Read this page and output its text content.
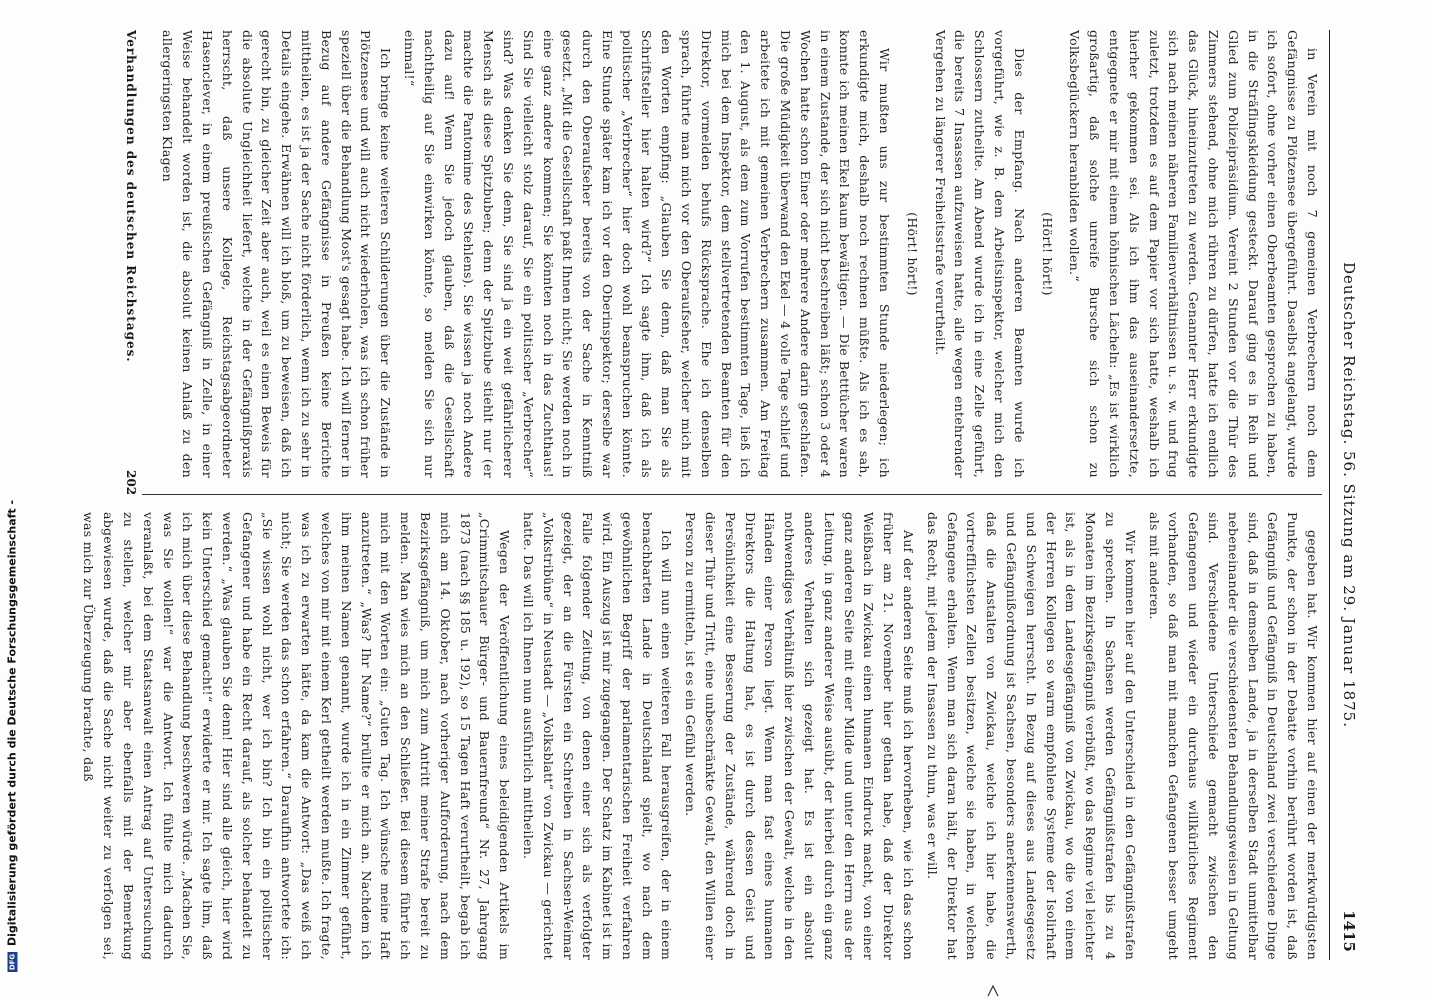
DFG
Digitalisierung gefördert durch die Deutsche Forschungsgemeinschaft -	Deutscher Reichstag. 56. Sitzung am 29. Januar 1875.
1415

in Verein mit noch 7 gemeinen Verbrechern noch dem Gefängnisse zu Plötzensee übergeführt. Daselbst angelangt, wurde ich sofort, ohne vorher einen Oberbeamten gesprochen zu haben, in die Sträflingskleidung gesteckt. Darauf ging es in Reih und Glied zum Polizeipräsidium. Vereint 2 Stunden vor die Thür des Zimmers stehend, ohne mich rühren zu dürfen, hatte ich endlich das Glück, hineinzutreten zu werden. Genannter Herr erkundigte sich nach meinen näheren Familienverhältnissen u. s. w. und frug zuletzt, trotzdem es auf dem Papier vor sich hatte, weshalb ich hierher gekommen sei. Als ich ihm das auseinandersetzte, entgegnete er mir mit einem höhnischen Lächeln: „Es ist wirklich großartig, daß solche unreife Bursche sich schon zu Volksbeglückern heranbilden wollen.“

(Hört! hört!)

Dies der Empfang. Nach anderen Beamten wurde ich vorgeführt, wie z. B. dem Arbeitsinspektor, welcher mich den Schlossern zutheilte. Am Abend wurde ich in eine Zelle geführt, die bereits 7 Insassen aufzuweisen hatte, alle wegen entehrender Vergehen zu längerer Freiheitsstrafe verurtheilt.

(Hört! hört!)

Wir mußten uns zur bestimmten Stunde niederlegen; ich erkundigte mich, deshalb noch rechnen müßte. Als ich es sah, konnte ich meinen Ekel kaum bewältigen. — Die Betttücher waren in einem Zustande, der sich nicht beschreiben läßt; schon 3 oder 4 Wochen hatte schon Einer oder mehrere Andere darin geschlafen. Die große Müdigkeit überwand den Ekel — 4 volle Tage schlief und arbeitete ich mit gemeinen Verbrechern zusammen. Am Freitag den 1. August, als dem zum Vorrufen bestimmten Tage, ließ ich mich bei dem Inspektor, dem stellvertretenden Beamten für den Direktor, vormelden behufs Rücksprache. Ehe ich denselben sprach, führte man mich vor den Oberaufseher, welcher mich mit den Worten empfing: „Glauben Sie denn, daß man Sie als Schriftsteller hier halten wird?“ Ich sagte ihm, daß ich als politischer „Verbrecher“ hier doch wohl beanspruchen könnte. Eine Stunde später kam ich vor den Oberinspektor; derselbe war durch den Oberaufseher bereits von der Sache in Kenntniß gesetzt. „Mit die Gesellschaft paßt Ihnen nicht; Sie werden noch in eine ganz andere kommen; Sie könnten noch in das Zuchthaus! Sind Sie vielleicht stolz darauf, Sie ein politischer „Verbrecher“ sind? Was denken Sie denn, Sie sind ja ein weit gefährlicherer Mensch als diese Spitzbuben; denn der Spitzbube stiehlt nur (er machte die Pantomime des Stehlens). Sie wissen ja noch Andere dazu auf! Wenn Sie jedoch glauben, daß die Gesellschaft nachtheilig auf Sie einwirken könnte, so melden Sie sich nur einmal!“

Ich bringe keine weiteren Schilderungen über die Zustände in Plötzensee und will auch nicht wiederholen, was ich schon früher speziell über die Behandlung Most's gesagt habe. Ich will ferner in Bezug auf andere Gefängnisse in Preußen keine Berichte mittheilen, es ist ja der Sache nicht förderlich, wenn ich zu sehr in Details eingehe. Erwähnen will ich bloß, um zu beweisen, daß ich gerecht bin, zu gleicher Zeit aber auch, weil es einen Beweis für die absolute Ungleichheit liefert, welche in der Gefängnißpraxis herrscht, daß unsere Kollege, Reichstagsabgeordneter Hasenclever, in einem preußischen Gefängniß in Zelle, in einer Weise behandelt worden ist, die absolut keinen Anlaß zu den allergeringsten Klagen

gegeben hat. Wir kommen hier auf einen der merkwürdigsten Punkte, der schon in der Debatte vorhin berührt worden ist, daß Gefängniß und Gefängniß in Deutschland zwei verschiedene Dinge sind, daß in demselben Lande, ja in derselben Stadt unmittelbar nebeneinander die verschiedensten Behandlungsweisen in Geltung sind. Verschiedene Unterschiede gemacht zwischen den Gefangenen und wieder ein durchaus willkürliches Regiment vorhanden, so daß man mit manchen Gefangenen besser umgeht als mit anderen.

Wir kommen hier auf den Unterschied in den Gefängnißstrafen zu sprechen. In Sachsen werden Gefängnißstrafen bis zu 4 Monaten im Bezirksgefängniß verbüßt, wo das Regime viel leichter ist, als in dem Landesgefängniß von Zwickau, wo die von einem der Herren Kollegen so warm empfohlene Systeme der Isolirhaft und Schweigen herrscht. In Bezug auf dieses aus Landesgesetz und Gefängnißordnung ist Sachsen, besonders anerkennenswerth, daß die Anstalten von Zwickau, welche ich hier habe, die vortrefflichsten Zellen besitzen, welche sie haben, in welchen Gefangene erhalten. Wenn man sich daran hält, der Direktor hat das Recht, mit jedem der Insassen zu thun, was er will.

Auf der anderen Seite muß ich hervorheben, wie ich das schon früher am 21. November hier gethan habe, daß der Direktor Weißbach in Zwickau einen humanen Eindruck macht, von einer ganz anderen Seite mit einer Milde und unter den Herrn aus der Leitung, in ganz anderer Weise ausübt, der hierbei durch ein ganz anderes Verhalten sich gezeigt hat. Es ist ein absolut nothwendiges Verhältniß hier zwischen der Gewalt, welche in den Händen einer Person liegt. Wenn man fast eines humanen Direktors die Haltung hat, es ist durch dessen Geist und Persönlichkeit eine Besserung der Zustände, während doch in dieser Thür und Tritt, eine unbeschränkte Gewalt, den Willen einer Person zu ermitteln, ist es ein Gefühl werden.

Ich will nun einen weiteren Fall herausgreifen, der in einem benachbarten Lande in Deutschland spielt, wo nach dem gewöhnlichen Begriff der parlamentarischen Freiheit verfahren wird. Ein Auszug ist mir zugegangen. Der Schatz im Kabinet ist im Falle folgender Zeitung, von denen einer sich als verfolgter gezeigt, der an die Fürsten ein Schreiben in Sachsen-Weimar „Volkstribüne“ in Neustadt — „Volksblatt“ von Zwickau — gerichtet hatte. Das will ich Ihnen nun ausführlich mittheilen.

Wegen der Veröffentlichung eines beleidigenden Artikels im „Crimmitschauer Bürger- und Bauernfreund“ Nr. 27, Jahrgang 1873 (nach §§ 185 u. 192), so 15 Tagen Haft verurtheilt, begab ich mich am 14. Oktober, nach vorheriger Aufforderung, nach dem Bezirksgefängniß, um mich zum Antritt meiner Strafe bereit zu melden. Man wies mich an den Schließer. Bei diesem führte ich mich mit den Worten ein: „Guten Tag. Ich wünsche meine Haft anzutreten.“ „Was? Ihr Name?“ brüllte er mich an. Nachdem ich ihm meinen Namen genannt, wurde ich in ein Zimmer geführt, welches von mir mit einem Kerl getheilt werden mußte. Ich fragte, was ich zu erwarten hätte, da kam die Antwort: „Das weiß ich nicht; Sie werden das schon erfahren.“ Daraufhin antwortete ich: „Sie wissen wohl nicht, wer ich bin? Ich bin ein politischer Gefangener und habe ein Recht darauf, als solcher behandelt zu werden.“ „Was glauben Sie denn! Hier sind alle gleich, hier wird kein Unterschied gemacht!“ erwiderte er mir. Ich sagte ihm, daß ich mich über diese Behandlung beschweren würde. „Machen Sie, was Sie wollen!“ war die Antwort. Ich fühlte mich dadurch veranlaßt, bei dem Staatsanwalt einen Antrag auf Untersuchung zu stellen, welcher mir aber ebenfalls mit der Bemerkung abgewiesen wurde, daß die Sache nicht weiter zu verfolgen sei, was mich zur Überzeugung brachte, daß

Verhandlungen des deutschen Reichstages.
202
